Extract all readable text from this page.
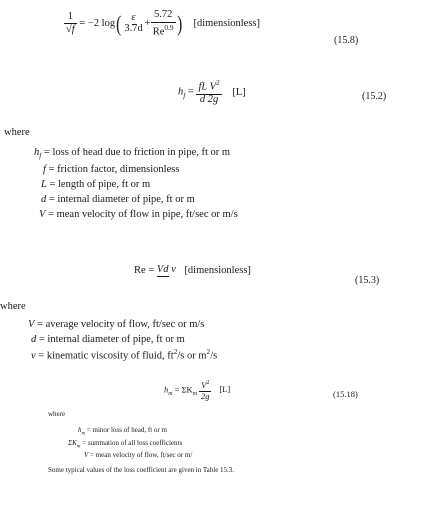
$\frac{1}{√f} = -2$ $\log(\frac{\varepsilon}{3.7d} + \frac{5.72}{Re^{0.9}}$ ) [dimensionless]
(15.8)
$h_f = \frac{fL V^2}{d 2g} [L]$	(15.2)
where
$h_f$ = loss of head due to friction in pipe, ft or m
f = friction factor, dimensionless
L = length of pipe, ft or m
d = internal diameter of pipe, ft or m
V = mean velocity of flow in pipe, ft/sec or m/s
Re = Vd ν [dimensionless]
(15.3)
where
V = average velocity of flow, ft/sec or m/s
d = internal diameter of pipe, ft or m
ν = kinematic viscosity of fluid, $ft^2/s$ or $m^2/s$
$h_m = \Sigma K_m \frac{V^2}{2g} [L]$	(15.18)
where
$h_m$ = minor loss of head, ft or m
$\Sigma K_m$ = summation of all loss coefficients
V = mean velocity of flow, ft/sec or m/
Some typical values of the loss coefficient are given in Table 15.3.
